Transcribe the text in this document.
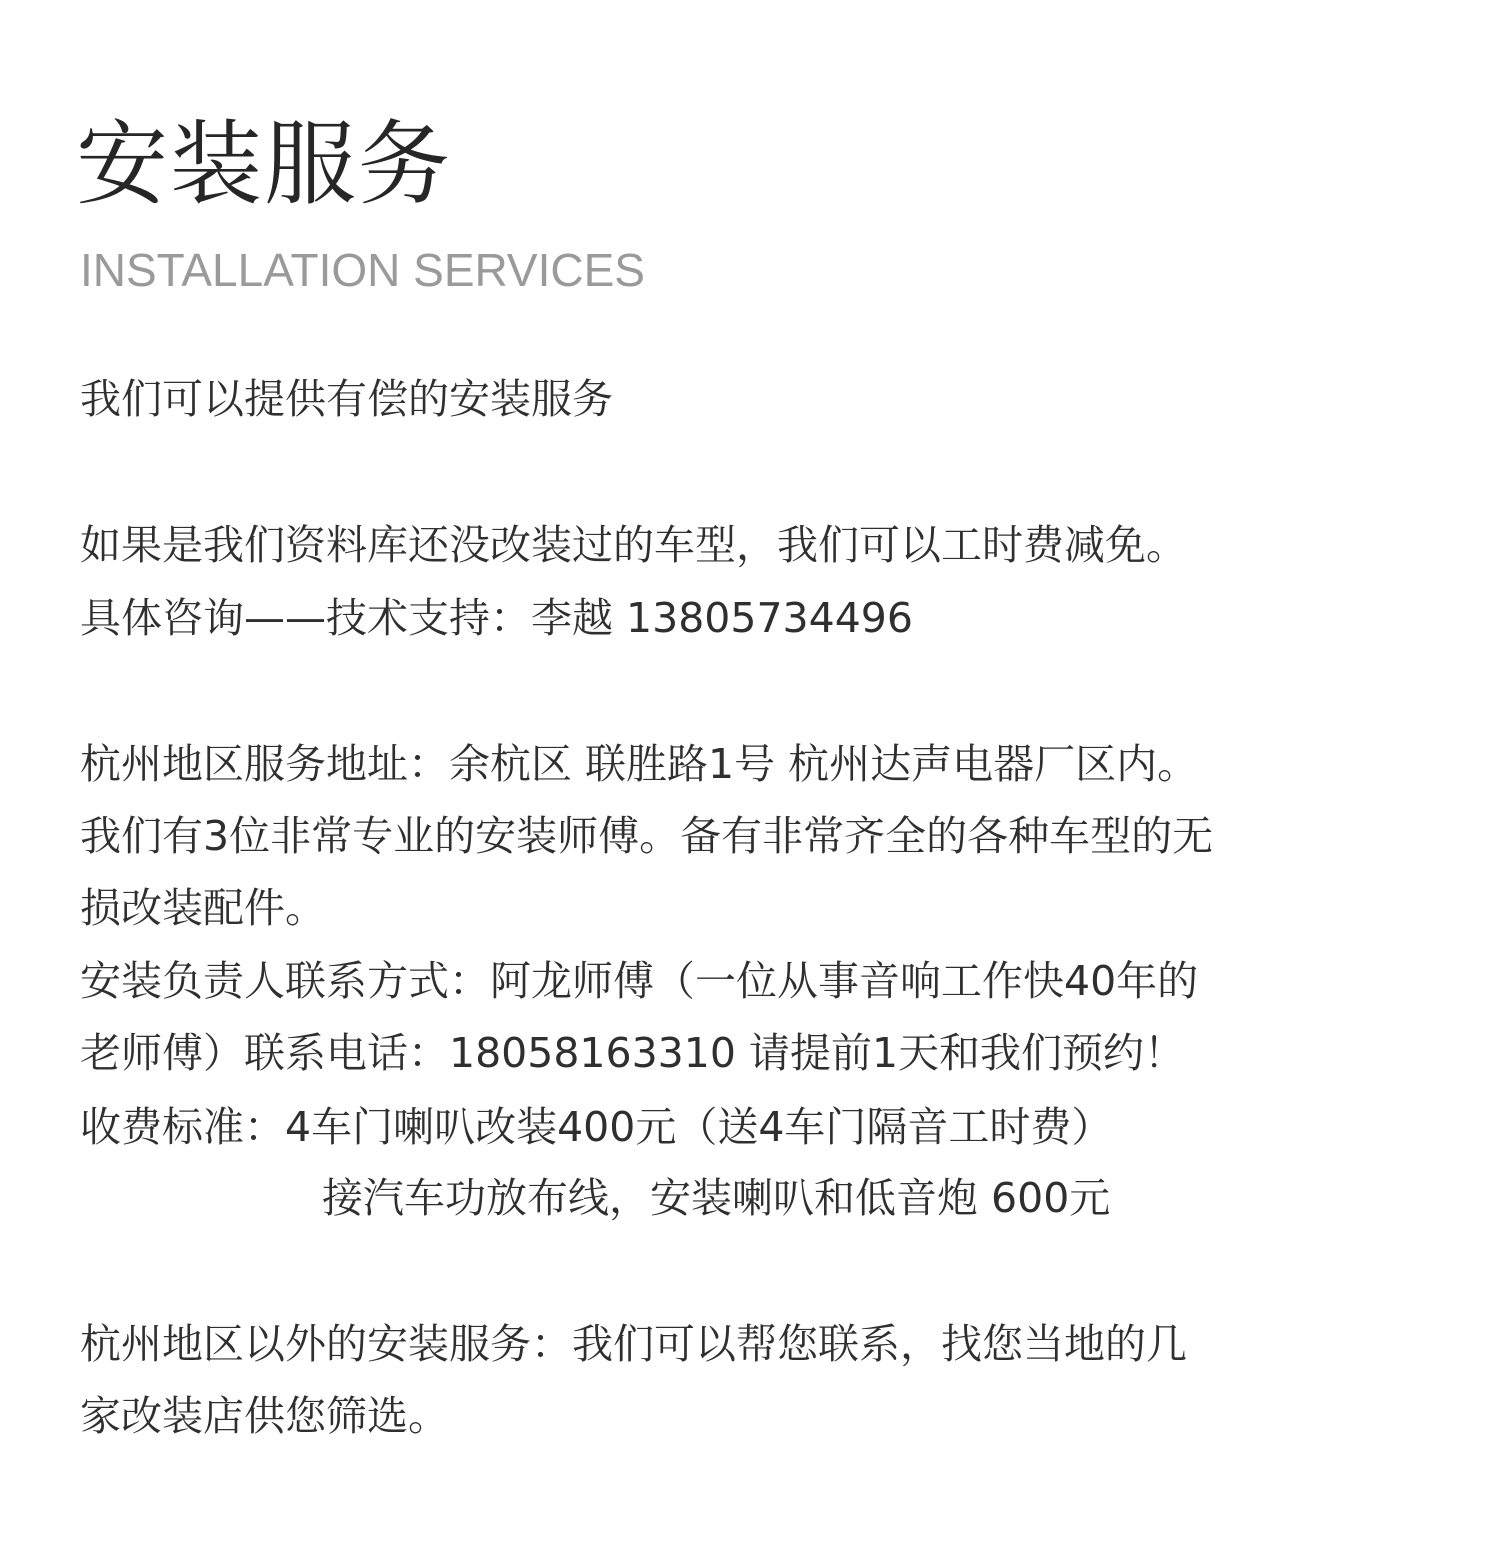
安装服务
INSTALLATION SERVICES
我们可以提供有偿的安装服务
如果是我们资料库还没改装过的车型，我们可以工时费减免。
具体咨询——技术支持：李越 13805734496
杭州地区服务地址：余杭区 联胜路1号 杭州达声电器厂区内。
我们有3位非常专业的安装师傅。备有非常齐全的各种车型的无
损改装配件。
安装负责人联系方式：阿龙师傅（一位从事音响工作快40年的
老师傅）联系电话：18058163310 请提前1天和我们预约！
收费标准：4车门喇叭改装400元（送4车门隔音工时费）
接汽车功放布线，安装喇叭和低音炮 600元
杭州地区以外的安装服务：我们可以帮您联系，找您当地的几
家改装店供您筛选。
